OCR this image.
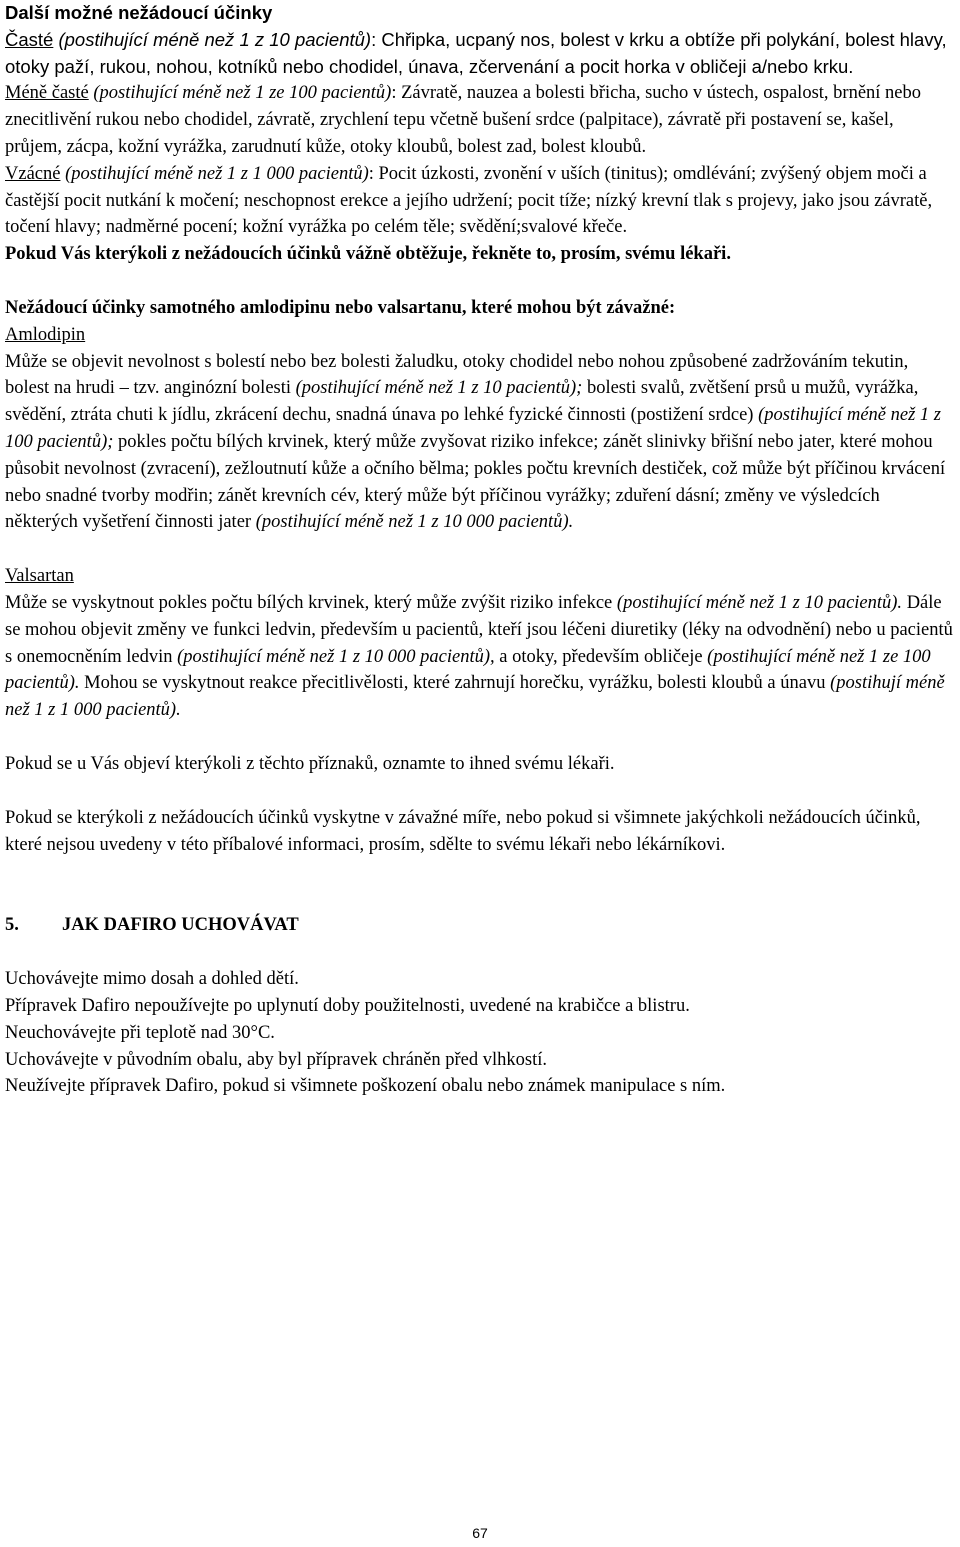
Další možné nežádoucí účinky

Časté (postihující méně než 1 z 10 pacientů): Chřipka, ucpaný nos, bolest v krku a obtíže při polykání, bolest hlavy, otoky paží, rukou, nohou, kotníků nebo chodidel, únava, zčervenání a pocit horka v obličeji a/nebo krku.

Méně časté (postihující méně než 1 ze 100 pacientů): Závratě, nauzea a bolesti břicha, sucho v ústech, ospalost, brnění nebo znecitlivění rukou nebo chodidel, závratě, zrychlení tepu včetně bušení srdce (palpitace), závratě při postavení se, kašel, průjem, zácpa, kožní vyrážka, zarudnutí kůže, otoky kloubů, bolest zad, bolest kloubů.

Vzácné (postihující méně než 1 z 1 000 pacientů): Pocit úzkosti, zvonění v uších (tinitus); omdlévání; zvýšený objem moči a častější pocit nutkání k močení; neschopnost erekce a jejího udržení; pocit tíže; nízký krevní tlak s projevy, jako jsou závratě, točení hlavy; nadměrné pocení; kožní vyrážka po celém těle; svědění;svalové křeče.

Pokud Vás kterýkoli z nežádoucích účinků vážně obtěžuje, řekněte to, prosím, svému lékaři.

Nežádoucí účinky samotného amlodipinu nebo valsartanu, které mohou být závažné:

Amlodipin

Může se objevit nevolnost s bolestí nebo bez bolesti žaludku, otoky chodidel nebo nohou způsobené zadržováním tekutin, bolest na hrudi ‒ tzv. anginózní bolesti (postihující méně než 1 z 10 pacientů); bolesti svalů, zvětšení prsů u mužů, vyrážka, svědění, ztráta chuti k jídlu, zkrácení dechu, snadná únava po lehké fyzické činnosti (postižení srdce) (postihující méně než 1 z 100 pacientů); pokles počtu bílých krvinek, který může zvyšovat riziko infekce; zánět slinivky břišní nebo jater, které mohou působit nevolnost (zvracení), zežloutnutí kůže a očního bělma; pokles počtu krevních destiček, což může být příčinou krvácení nebo snadné tvorby modřin; zánět krevních cév, který může být příčinou vyrážky; zduření dásní; změny ve výsledcích některých vyšetření činnosti jater (postihující méně než 1 z 10 000 pacientů).

Valsartan

Může se vyskytnout pokles počtu bílých krvinek, který může zvýšit riziko infekce (postihující méně než 1 z 10 pacientů). Dále se mohou objevit změny ve funkci ledvin, především u pacientů, kteří jsou léčeni diuretiky (léky na odvodnění) nebo u pacientů s onemocněním ledvin (postihující méně než 1 z 10 000 pacientů), a otoky, především obličeje (postihující méně než 1 ze 100 pacientů). Mohou se vyskytnout reakce přecitlivělosti, které zahrnují horečku, vyrážku, bolesti kloubů a únavu (postihují méně než 1 z 1 000 pacientů).

Pokud se u Vás objeví kterýkoli z těchto příznaků, oznamte to ihned svému lékaři.

Pokud se kterýkoli z nežádoucích účinků vyskytne v závažné míře, nebo pokud si všimnete jakýchkoli nežádoucích účinků, které nejsou uvedeny v této příbalové informaci, prosím, sdělte to svému lékaři nebo lékárníkovi.

5. JAK DAFIRO UCHOVÁVAT

Uchovávejte mimo dosah a dohled dětí.

Přípravek Dafiro nepoužívejte po uplynutí doby použitelnosti, uvedené na krabičce a blistru.

Neuchovávejte při teplotě nad 30°C.

Uchovávejte v původním obalu, aby byl přípravek chráněn před vlhkostí.

Neužívejte přípravek Dafiro, pokud si všimnete poškození obalu nebo známek manipulace s ním.

67
